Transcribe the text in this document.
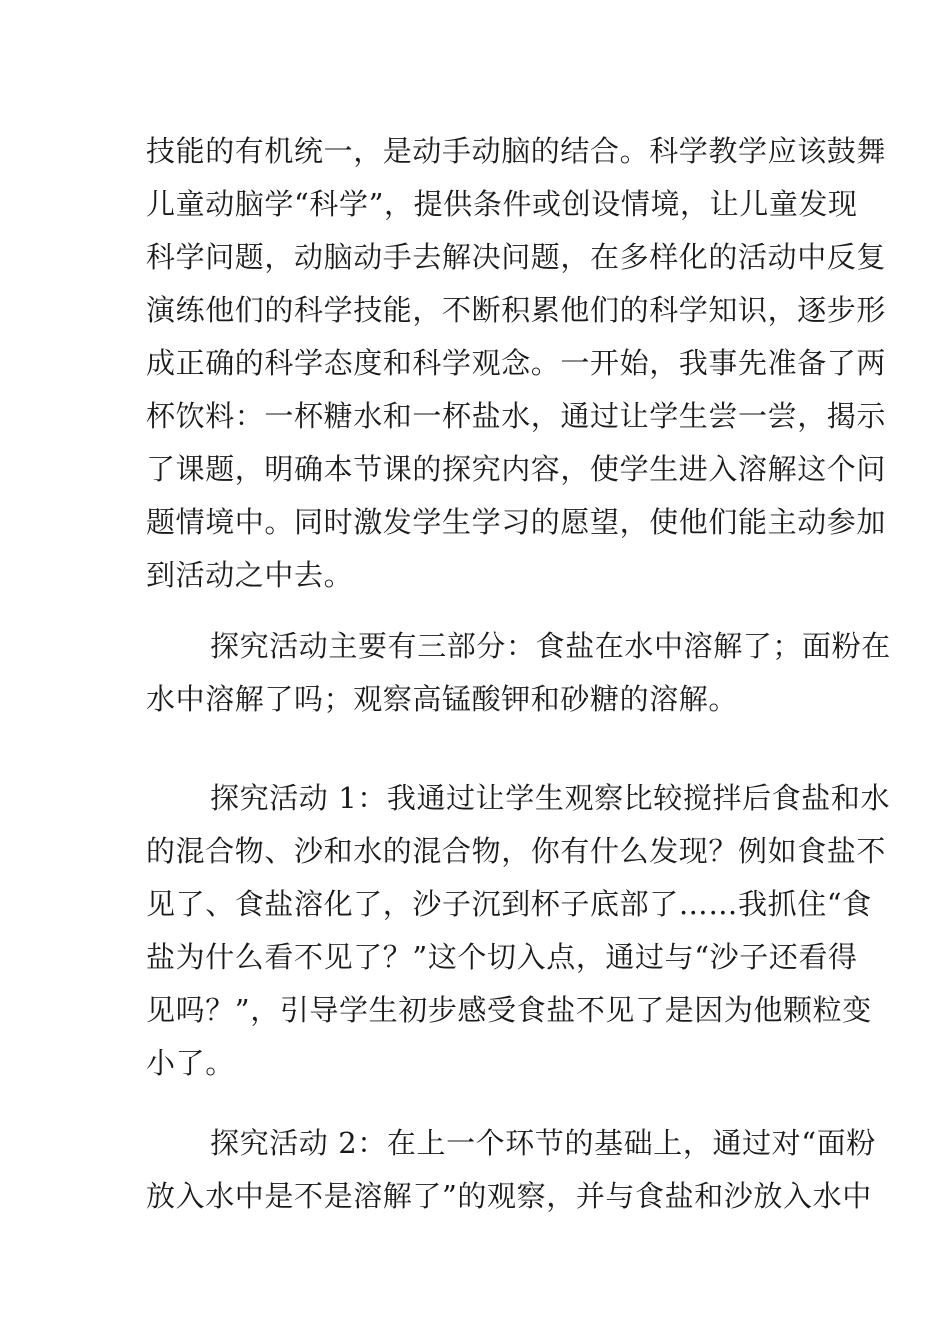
技能的有机统一，是动手动脑的结合。科学教学应该鼓舞
儿童动脑学“科学”，提供条件或创设情境，让儿童发现
科学问题，动脑动手去解决问题，在多样化的活动中反复
演练他们的科学技能，不断积累他们的科学知识，逐步形
成正确的科学态度和科学观念。一开始，我事先准备了两
杯饮料：一杯糖水和一杯盐水，通过让学生尝一尝，揭示
了课题，明确本节课的探究内容，使学生进入溶解这个问
题情境中。同时激发学生学习的愿望，使他们能主动参加
到活动之中去。
探究活动主要有三部分：食盐在水中溶解了；面粉在
水中溶解了吗；观察高锰酸钾和砂糖的溶解。
探究活动 1：我通过让学生观察比较搅拌后食盐和水
的混合物、沙和水的混合物，你有什么发现？例如食盐不
见了、食盐溶化了，沙子沉到杯子底部了……我抓住“食
盐为什么看不见了？”这个切入点，通过与“沙子还看得
见吗？”，引导学生初步感受食盐不见了是因为他颗粒变
小了。
探究活动 2：在上一个环节的基础上，通过对“面粉
放入水中是不是溶解了”的观察，并与食盐和沙放入水中
